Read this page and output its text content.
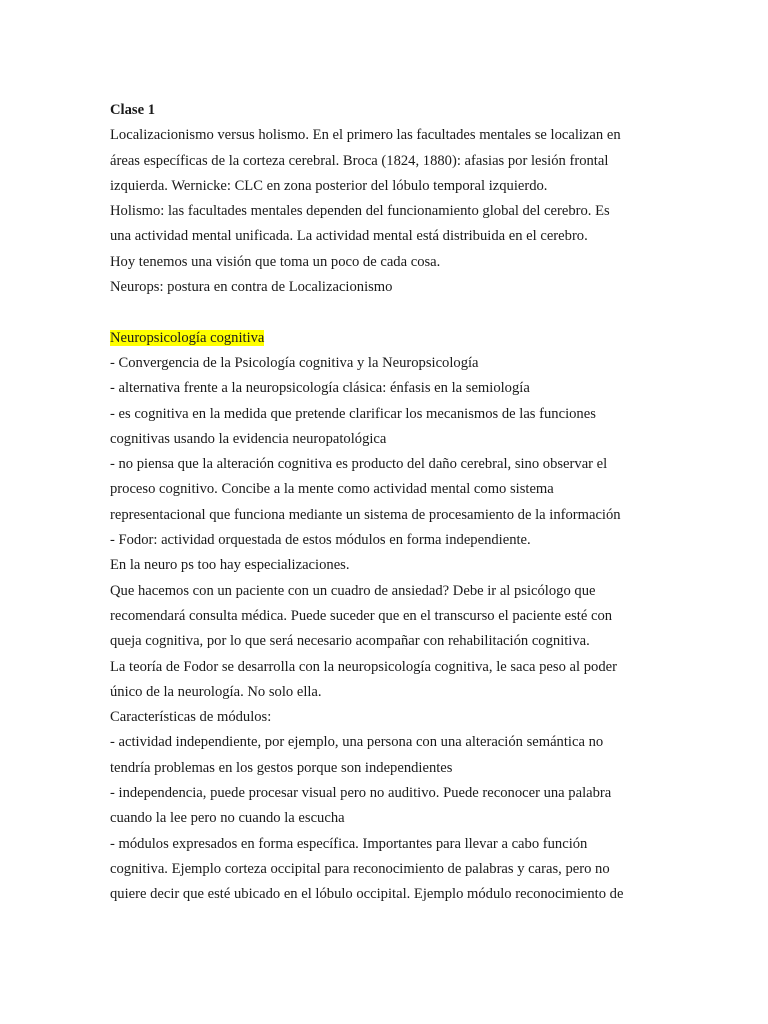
Clase 1
Localizacionismo versus holismo. En el primero las facultades mentales se localizan en
áreas específicas de la corteza cerebral. Broca (1824, 1880): afasias por lesión frontal
izquierda. Wernicke: CLC en zona posterior del lóbulo temporal izquierdo.
Holismo: las facultades mentales dependen del funcionamiento global del cerebro. Es
una actividad mental unificada. La actividad mental está distribuida en el cerebro.
Hoy tenemos una visión que toma un poco de cada cosa.
Neurops: postura en contra de Localizacionismo
Neuropsicología cognitiva
- Convergencia de la Psicología cognitiva y la Neuropsicología
- alternativa frente a la neuropsicología clásica: énfasis en la semiología
- es cognitiva en la medida que pretende clarificar los mecanismos de las funciones
cognitivas usando la evidencia neuropatológica
- no piensa que la alteración cognitiva es producto del daño cerebral, sino observar el
proceso cognitivo. Concibe a la mente como actividad mental como sistema
representacional que funciona mediante un sistema de procesamiento de la información
- Fodor: actividad orquestada de estos módulos en forma independiente.
En la neuro ps too hay especializaciones.
Que hacemos con un paciente con un cuadro de ansiedad? Debe ir al psicólogo que
recomendará consulta médica. Puede suceder que en el transcurso el paciente esté con
queja cognitiva, por lo que será necesario acompañar con rehabilitación cognitiva.
La teoría de Fodor se desarrolla con la neuropsicología cognitiva, le saca peso al poder
único de la neurología. No solo ella.
Características de módulos:
- actividad independiente, por ejemplo, una persona con una alteración semántica no
tendría problemas en los gestos porque son independientes
- independencia, puede procesar visual pero no auditivo. Puede reconocer una palabra
cuando la lee pero no cuando la escucha
- módulos expresados en forma específica. Importantes para llevar a cabo función
cognitiva. Ejemplo corteza occipital para reconocimiento de palabras y caras, pero no
quiere decir que esté ubicado en el lóbulo occipital. Ejemplo módulo reconocimiento de
